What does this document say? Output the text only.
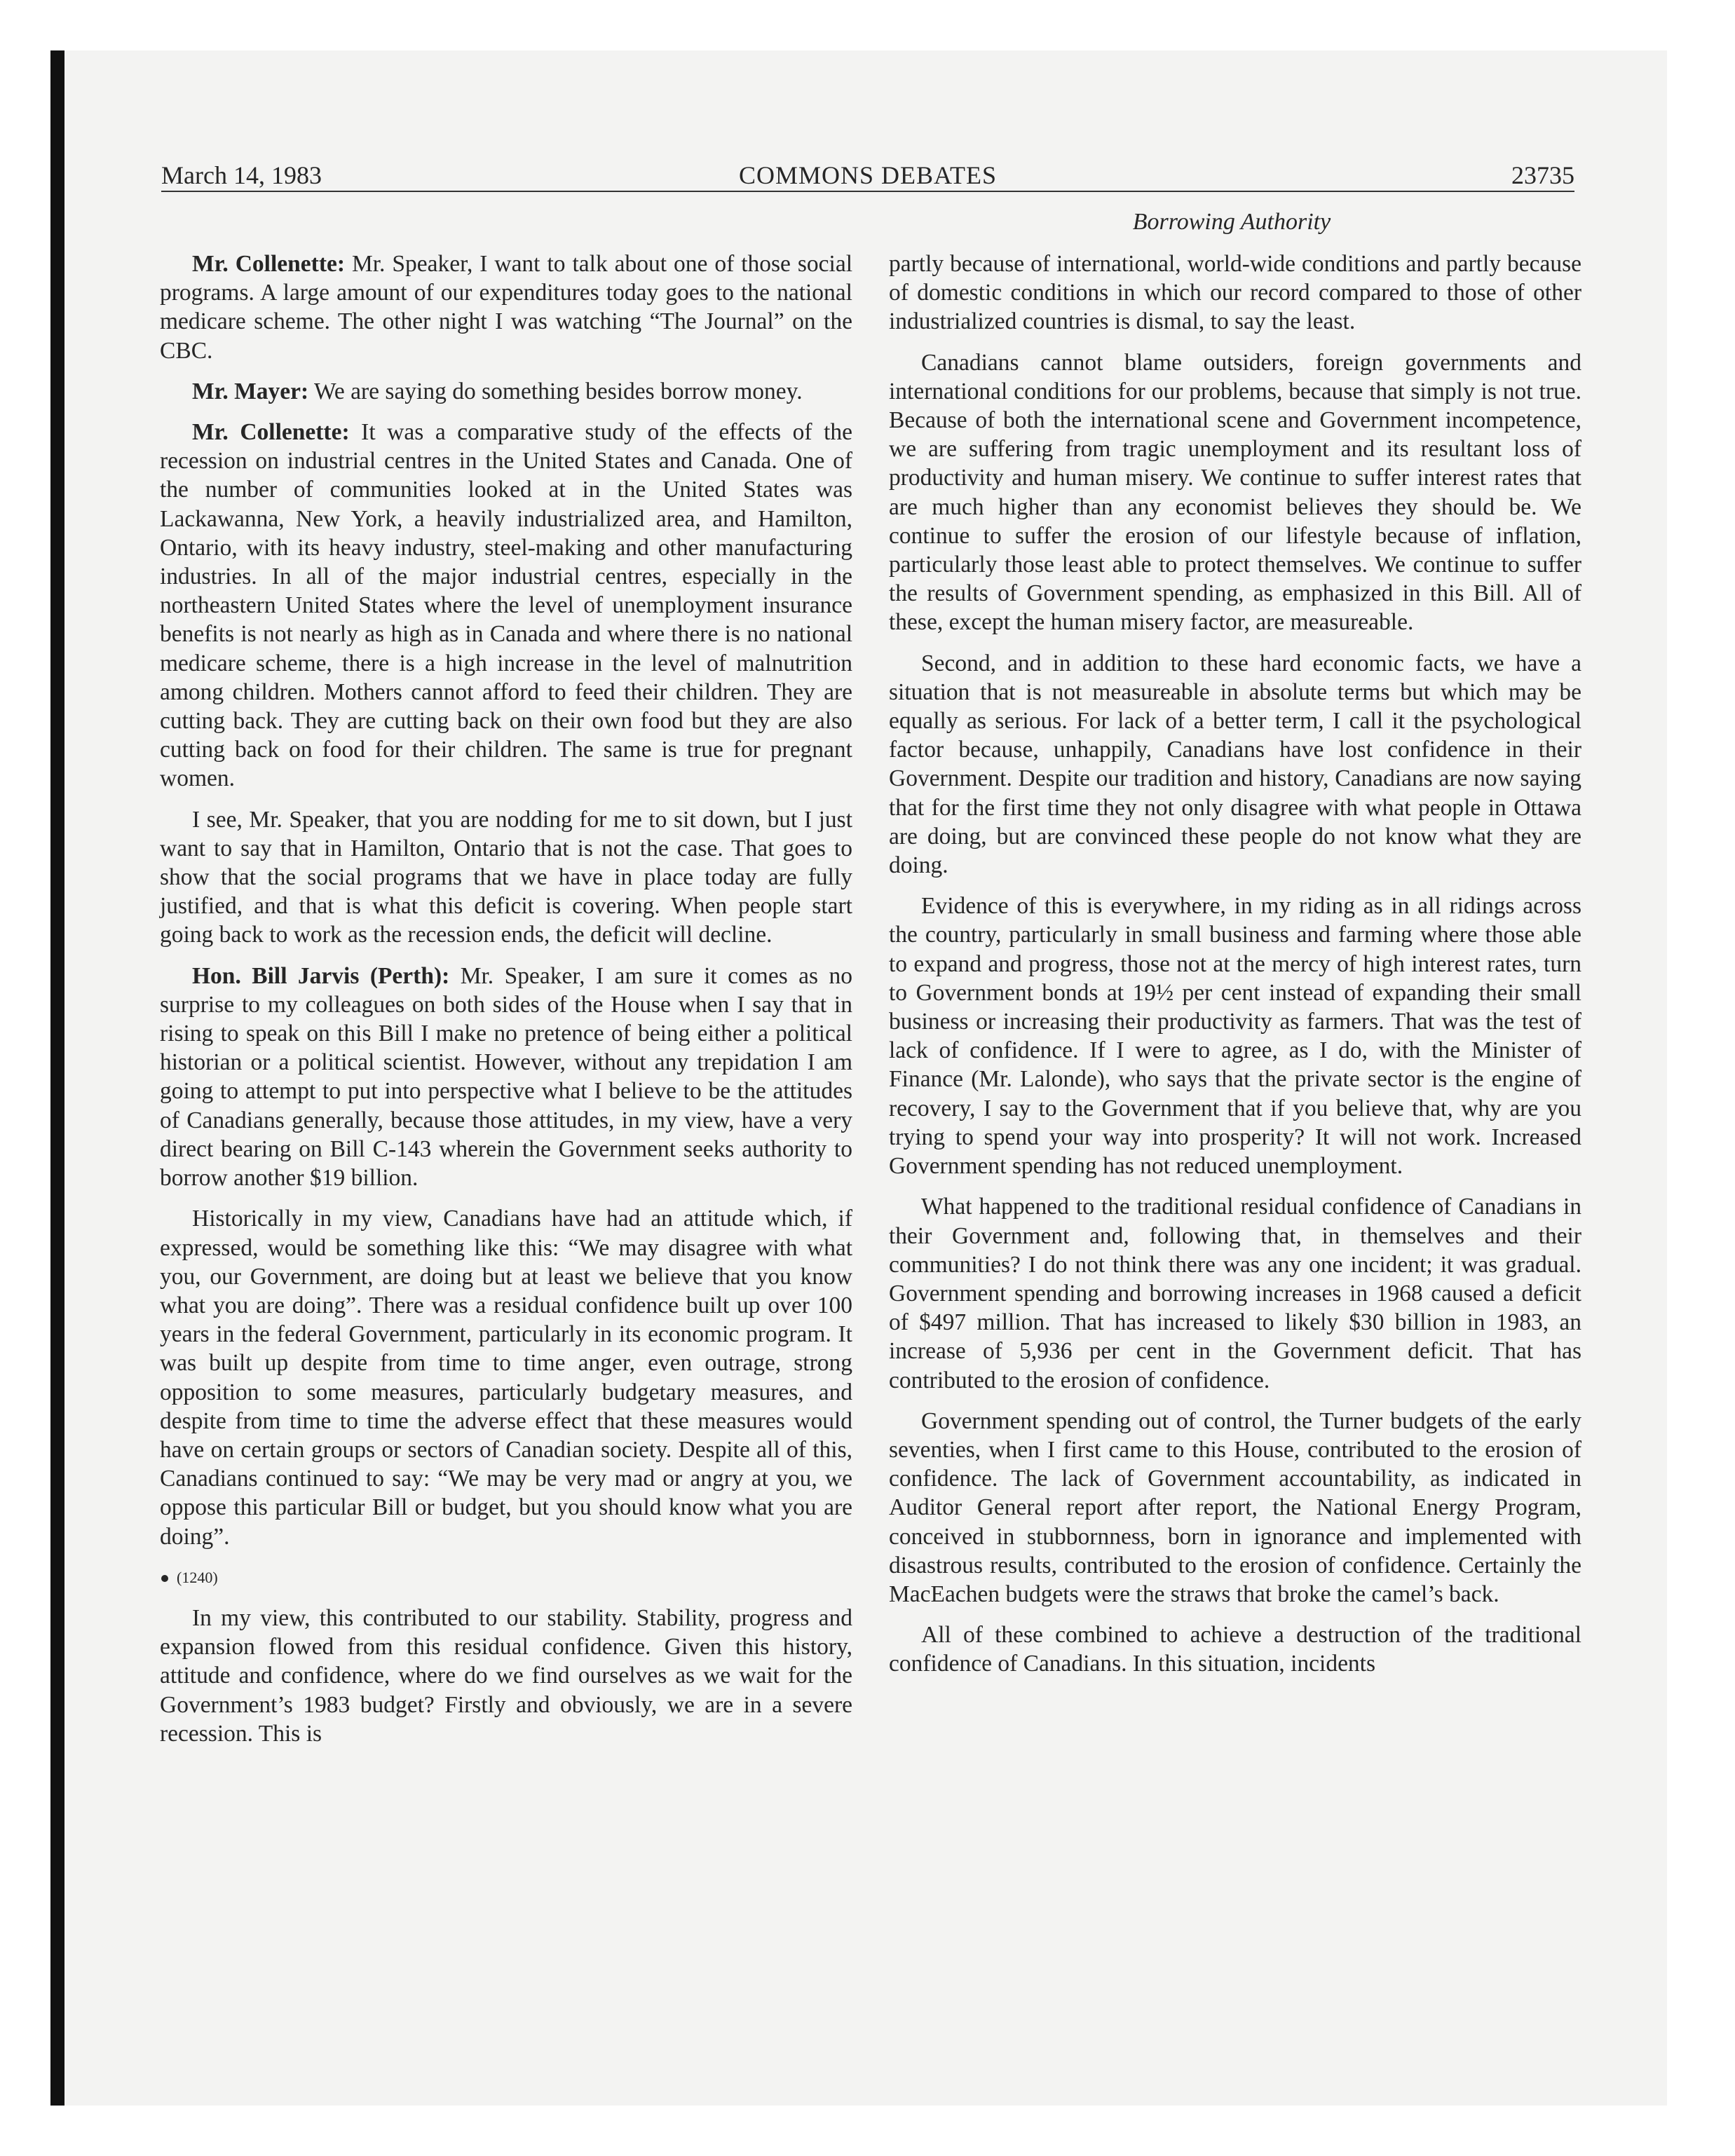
March 14, 1983	COMMONS DEBATES	23735
Borrowing Authority

Mr. Collenette: Mr. Speaker, I want to talk about one of those social programs. A large amount of our expenditures today goes to the national medicare scheme. The other night I was watching “The Journal” on the CBC.

Mr. Mayer: We are saying do something besides borrow money.

Mr. Collenette: It was a comparative study of the effects of the recession on industrial centres in the United States and Canada. One of the number of communities looked at in the United States was Lackawanna, New York, a heavily industrialized area, and Hamilton, Ontario, with its heavy industry, steel-making and other manufacturing industries. In all of the major industrial centres, especially in the northeastern United States where the level of unemployment insurance benefits is not nearly as high as in Canada and where there is no national medicare scheme, there is a high increase in the level of malnutrition among children. Mothers cannot afford to feed their children. They are cutting back. They are cutting back on their own food but they are also cutting back on food for their children. The same is true for pregnant women.

I see, Mr. Speaker, that you are nodding for me to sit down, but I just want to say that in Hamilton, Ontario that is not the case. That goes to show that the social programs that we have in place today are fully justified, and that is what this deficit is covering. When people start going back to work as the recession ends, the deficit will decline.

Hon. Bill Jarvis (Perth): Mr. Speaker, I am sure it comes as no surprise to my colleagues on both sides of the House when I say that in rising to speak on this Bill I make no pretence of being either a political historian or a political scientist. However, without any trepidation I am going to attempt to put into perspective what I believe to be the attitudes of Canadians generally, because those attitudes, in my view, have a very direct bearing on Bill C-143 wherein the Government seeks authority to borrow another $19 billion.

Historically in my view, Canadians have had an attitude which, if expressed, would be something like this: “We may disagree with what you, our Government, are doing but at least we believe that you know what you are doing”. There was a residual confidence built up over 100 years in the federal Government, particularly in its economic program. It was built up despite from time to time anger, even outrage, strong opposition to some measures, particularly budgetary measures, and despite from time to time the adverse effect that these measures would have on certain groups or sectors of Canadian society. Despite all of this, Canadians continued to say: “We may be very mad or angry at you, we oppose this particular Bill or budget, but you should know what you are doing”.

(1240)

In my view, this contributed to our stability. Stability, progress and expansion flowed from this residual confidence. Given this history, attitude and confidence, where do we find ourselves as we wait for the Government’s 1983 budget? Firstly and obviously, we are in a severe recession. This is

partly because of international, world-wide conditions and partly because of domestic conditions in which our record compared to those of other industrialized countries is dismal, to say the least.

Canadians cannot blame outsiders, foreign governments and international conditions for our problems, because that simply is not true. Because of both the international scene and Government incompetence, we are suffering from tragic unemployment and its resultant loss of productivity and human misery. We continue to suffer interest rates that are much higher than any economist believes they should be. We continue to suffer the erosion of our lifestyle because of inflation, particularly those least able to protect themselves. We continue to suffer the results of Government spending, as emphasized in this Bill. All of these, except the human misery factor, are measureable.

Second, and in addition to these hard economic facts, we have a situation that is not measureable in absolute terms but which may be equally as serious. For lack of a better term, I call it the psychological factor because, unhappily, Canadians have lost confidence in their Government. Despite our tradition and history, Canadians are now saying that for the first time they not only disagree with what people in Ottawa are doing, but are convinced these people do not know what they are doing.

Evidence of this is everywhere, in my riding as in all ridings across the country, particularly in small business and farming where those able to expand and progress, those not at the mercy of high interest rates, turn to Government bonds at 19½ per cent instead of expanding their small business or increasing their productivity as farmers. That was the test of lack of confidence. If I were to agree, as I do, with the Minister of Finance (Mr. Lalonde), who says that the private sector is the engine of recovery, I say to the Government that if you believe that, why are you trying to spend your way into prosperity? It will not work. Increased Government spending has not reduced unemployment.

What happened to the traditional residual confidence of Canadians in their Government and, following that, in themselves and their communities? I do not think there was any one incident; it was gradual. Government spending and borrowing increases in 1968 caused a deficit of $497 million. That has increased to likely $30 billion in 1983, an increase of 5,936 per cent in the Government deficit. That has contributed to the erosion of confidence.

Government spending out of control, the Turner budgets of the early seventies, when I first came to this House, contributed to the erosion of confidence. The lack of Government accountability, as indicated in Auditor General report after report, the National Energy Program, conceived in stubbornness, born in ignorance and implemented with disastrous results, contributed to the erosion of confidence. Certainly the MacEachen budgets were the straws that broke the camel’s back.

All of these combined to achieve a destruction of the traditional confidence of Canadians. In this situation, incidents
